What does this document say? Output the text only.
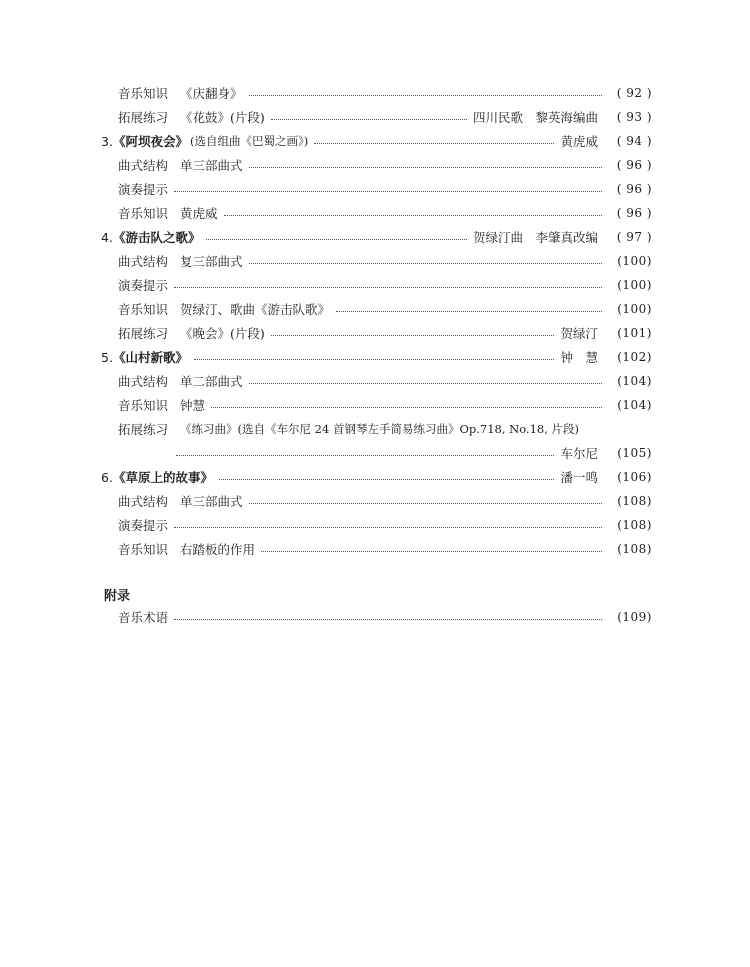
音乐知识 《庆翻身》	( 92 )
拓展练习 《花鼓》(片段)	四川民歌　黎英海编曲	( 93 )
3. 《阿坝夜会》 (选自组曲《巴蜀之画》)	黄虎威	( 94 )
曲式结构 单三部曲式	( 96 )
演奏提示	( 96 )
音乐知识 黄虎威	( 96 )
4. 《游击队之歌》	贺绿汀曲　李肇真改编	( 97 )
曲式结构 复三部曲式	(100)
演奏提示	(100)
音乐知识 贺绿汀、歌曲《游击队歌》	(100)
拓展练习 《晚会》(片段)	贺绿汀	(101)
5. 《山村新歌》	钟　慧	(102)
曲式结构 单二部曲式	(104)
音乐知识 钟慧	(104)
拓展练习 《练习曲》(选自《车尔尼 24 首钢琴左手简易练习曲》Op.718, No.18, 片段)
车尔尼	(105)
6. 《草原上的故事》	潘一鸣	(106)
曲式结构 单三部曲式	(108)
演奏提示	(108)
音乐知识 右踏板的作用	(108)
附录
音乐术语	(109)
